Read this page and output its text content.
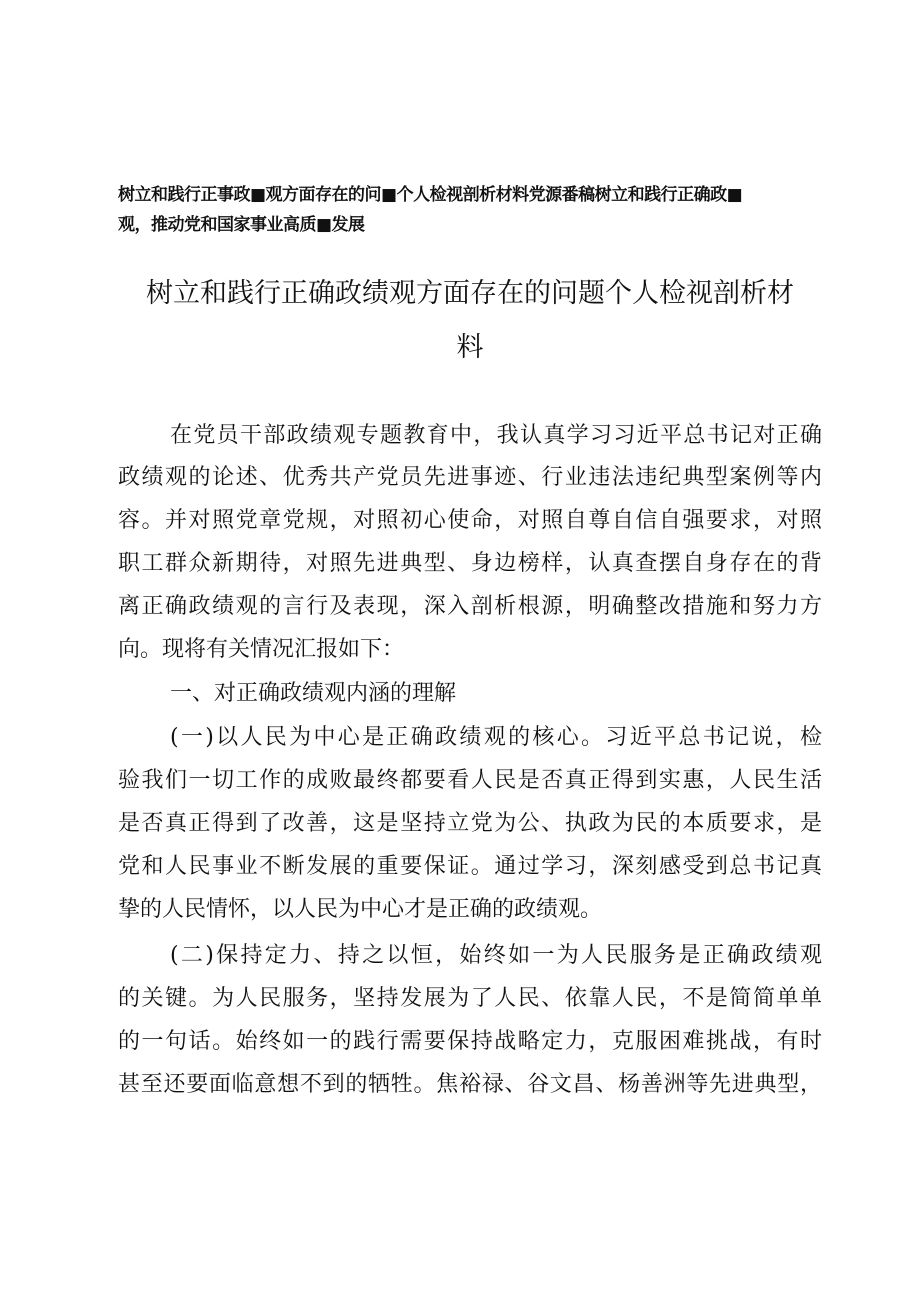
树立和践行正事政■观方面存在的问■个人检视剖析材料党源番稿树立和践行正确政■
观，推动党和国家事业高质■发展
树立和践行正确政绩观方面存在的问题个人检视剖析材
料
在党员干部政绩观专题教育中，我认真学习习近平总书记对正确
政绩观的论述、优秀共产党员先进事迹、行业违法违纪典型案例等内
容。并对照党章党规，对照初心使命，对照自尊自信自强要求，对照
职工群众新期待，对照先进典型、身边榜样，认真查摆自身存在的背
离正确政绩观的言行及表现，深入剖析根源，明确整改措施和努力方
向。现将有关情况汇报如下：
一、对正确政绩观内涵的理解
(一)以人民为中心是正确政绩观的核心。习近平总书记说，检
验我们一切工作的成败最终都要看人民是否真正得到实惠，人民生活
是否真正得到了改善，这是坚持立党为公、执政为民的本质要求，是
党和人民事业不断发展的重要保证。通过学习，深刻感受到总书记真
挚的人民情怀，以人民为中心才是正确的政绩观。
(二)保持定力、持之以恒，始终如一为人民服务是正确政绩观
的关键。为人民服务，坚持发展为了人民、依靠人民，不是简简单单
的一句话。始终如一的践行需要保持战略定力，克服困难挑战，有时
甚至还要面临意想不到的牺牲。焦裕禄、谷文昌、杨善洲等先进典型，
